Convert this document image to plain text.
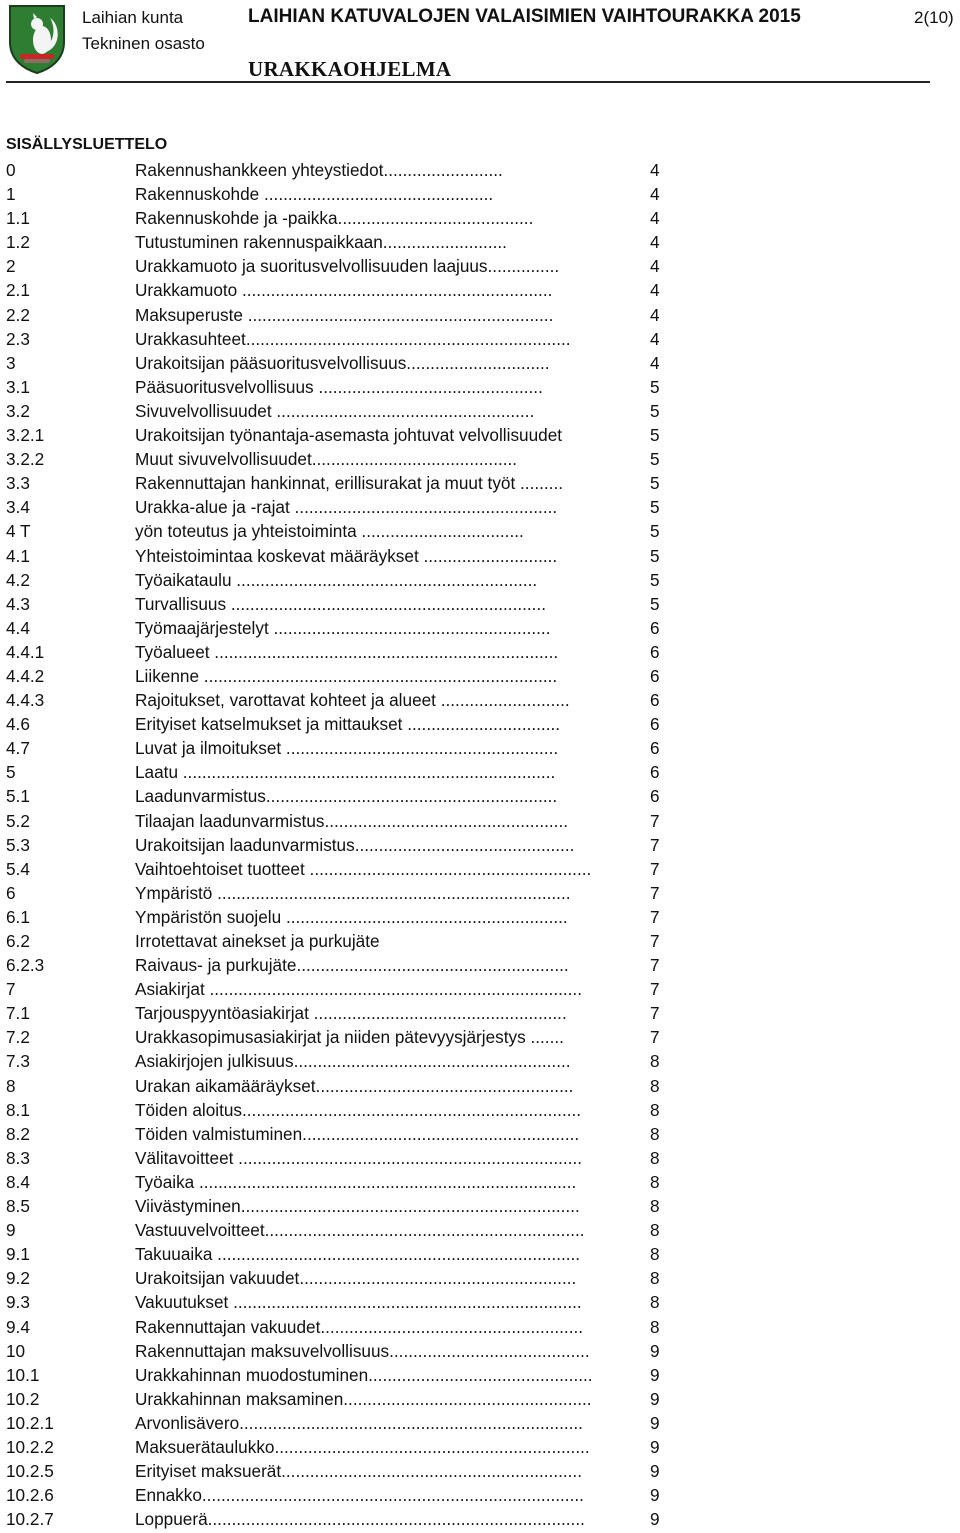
Laihian kunta
Tekninen osasto
LAIHIAN KATUVALOJEN VALAISIMIEN VAIHTOURAKKA 2015	2(10)
URAKKAOHJELMA
SISÄLLYSLUETTELO
0	Rakennushankkeen yhteystiedot.........................	4
1	Rakennuskohde ................................................	4
1.1	Rakennuskohde ja -paikka.........................................	4
1.2	Tutustuminen rakennuspaikkaan..........................	4
2	Urakkamuoto ja suoritusvelvollisuuden laajuus...............	4
2.1	Urakkamuoto .................................................................	4
2.2	Maksuperuste ................................................................	4
2.3	Urakkasuhteet....................................................................	4
3	Urakoitsijan pääsuoritusvelvollisuus..............................	4
3.1	Pääsuoritusvelvollisuus ...............................................	5
3.2	Sivuvelvollisuudet ......................................................	5
3.2.1	Urakoitsijan työnantaja-asemasta johtuvat velvollisuudet	5
3.2.2	Muut sivuvelvollisuudet...........................................	5
3.3	Rakennuttajan hankinnat, erillisurakat ja muut työt .........	5
3.4	Urakka-alue ja -rajat .......................................................	5
4 T	yön toteutus ja yhteistoiminta ..................................	5
4.1	Yhteistoimintaa koskevat määräykset ............................	5
4.2	Työaikataulu ...............................................................	5
4.3	Turvallisuus ..................................................................	5
4.4	Työmaajärjestelyt ..........................................................	6
4.4.1	Työalueet ........................................................................	6
4.4.2	Liikenne ..........................................................................	6
4.4.3	Rajoitukset, varottavat kohteet ja alueet ...........................	6
4.6	Erityiset katselmukset ja mittaukset ................................	6
4.7	Luvat ja ilmoitukset .........................................................	6
5	Laatu ..............................................................................	6
5.1	Laadunvarmistus.............................................................	6
5.2	Tilaajan laadunvarmistus...................................................	7
5.3	Urakoitsijan laadunvarmistus..............................................	7
5.4	Vaihtoehtoiset tuotteet ...........................................................	7
6	Ympäristö ..........................................................................	7
6.1	Ympäristön suojelu ...........................................................	7
6.2	Irrotettavat ainekset ja purkujäte	7
6.2.3	Raivaus- ja purkujäte.........................................................	7
7	Asiakirjat ..............................................................................	7
7.1	Tarjouspyyntöasiakirjat .....................................................	7
7.2	Urakkasopimusasiakirjat ja niiden pätevyysjärjestys .......	7
7.3	Asiakirjojen julkisuus..........................................................	8
8	Urakan aikamääräykset......................................................	8
8.1	Töiden aloitus.......................................................................	8
8.2	Töiden valmistuminen..........................................................	8
8.3	Välitavoitteet ........................................................................	8
8.4	Työaika ...............................................................................	8
8.5	Viivästyminen.......................................................................	8
9	Vastuuvelvoitteet...................................................................	8
9.1	Takuuaika ............................................................................	8
9.2	Urakoitsijan vakuudet..........................................................	8
9.3	Vakuutukset .........................................................................	8
9.4	Rakennuttajan vakuudet.......................................................	8
10	Rakennuttajan maksuvelvollisuus..........................................	9
10.1	Urakkahinnan muodostuminen...............................................	9
10.2	Urakkahinnan maksaminen....................................................	9
10.2.1	Arvonlisävero........................................................................	9
10.2.2	Maksuerätaulukko..................................................................	9
10.2.5	Erityiset maksuerät...............................................................	9
10.2.6	Ennakko................................................................................	9
10.2.7	Loppuerä...............................................................................	9
